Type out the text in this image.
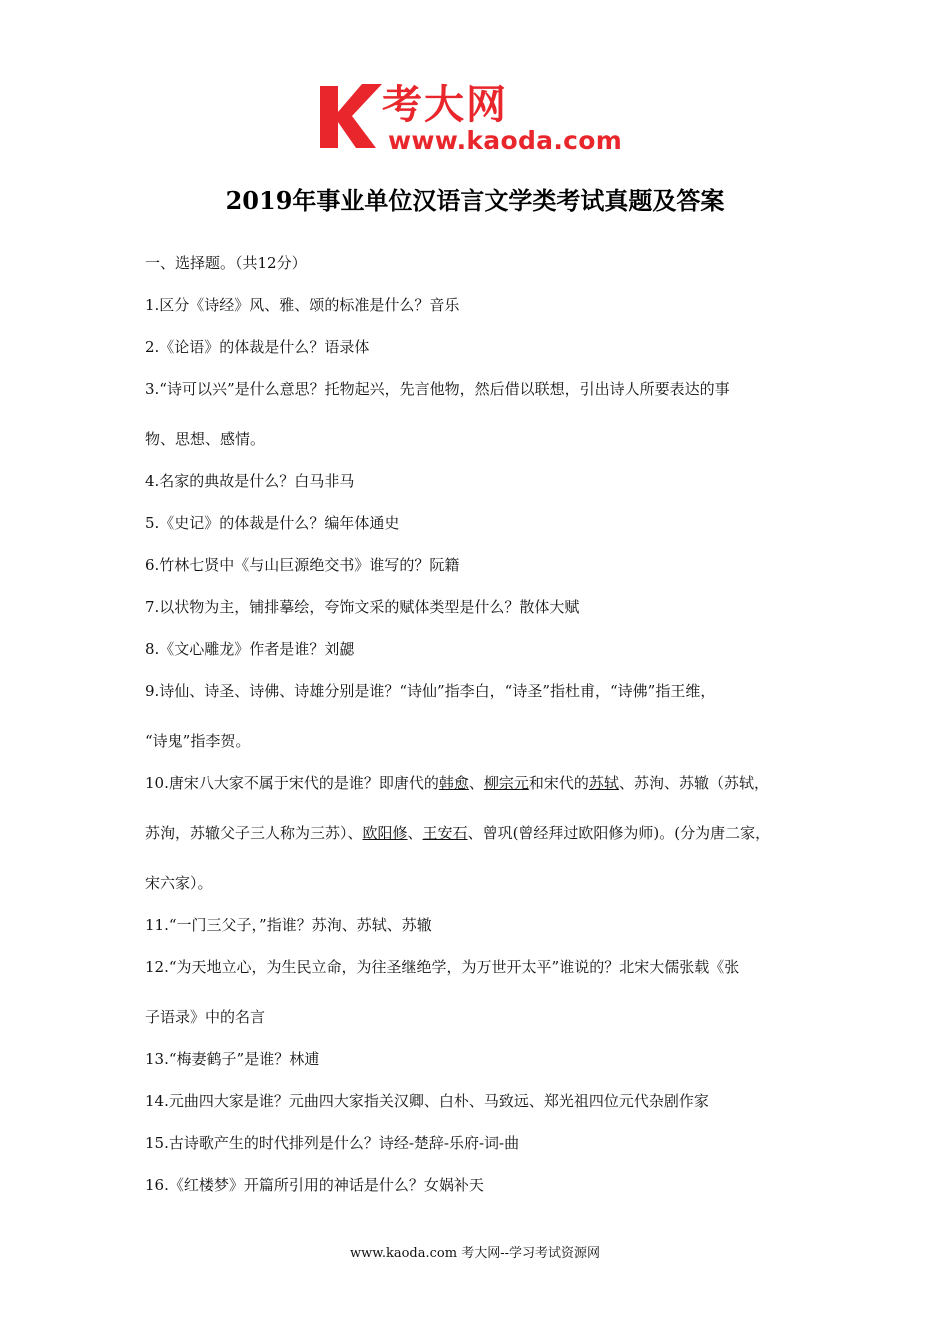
考大网
www.kaoda.com
2019年事业单位汉语言文学类考试真题及答案

一、选择题。（共12分）

1.区分《诗经》风、雅、颂的标准是什么？音乐

2.《论语》的体裁是什么？语录体

3.“诗可以兴”是什么意思？托物起兴，先言他物，然后借以联想，引出诗人所要表达的事

物、思想、感情。

4.名家的典故是什么？白马非马

5.《史记》的体裁是什么？编年体通史

6.竹林七贤中《与山巨源绝交书》谁写的？阮籍

7.以状物为主，铺排摹绘，夸饰文采的赋体类型是什么？散体大赋

8.《文心雕龙》作者是谁？刘勰

9.诗仙、诗圣、诗佛、诗雄分别是谁？“诗仙”指李白，“诗圣”指杜甫，“诗佛”指王维，

“诗鬼”指李贺。

10.唐宋八大家不属于宋代的是谁？即唐代的韩愈、柳宗元和宋代的苏轼、苏洵、苏辙（苏轼，

苏洵，苏辙父子三人称为三苏）、欧阳修、王安石、曾巩(曾经拜过欧阳修为师)。(分为唐二家，

宋六家）。

11.“一门三父子，”指谁？苏洵、苏轼、苏辙

12.“为天地立心，为生民立命，为往圣继绝学，为万世开太平”谁说的？北宋大儒张载《张

子语录》中的名言

13.“梅妻鹤子”是谁？林逋

14.元曲四大家是谁？元曲四大家指关汉卿、白朴、马致远、郑光祖四位元代杂剧作家

15.古诗歌产生的时代排列是什么？诗经-楚辞-乐府-词-曲

16.《红楼梦》开篇所引用的神话是什么？女娲补天

www.kaoda.com 考大网--学习考试资源网
